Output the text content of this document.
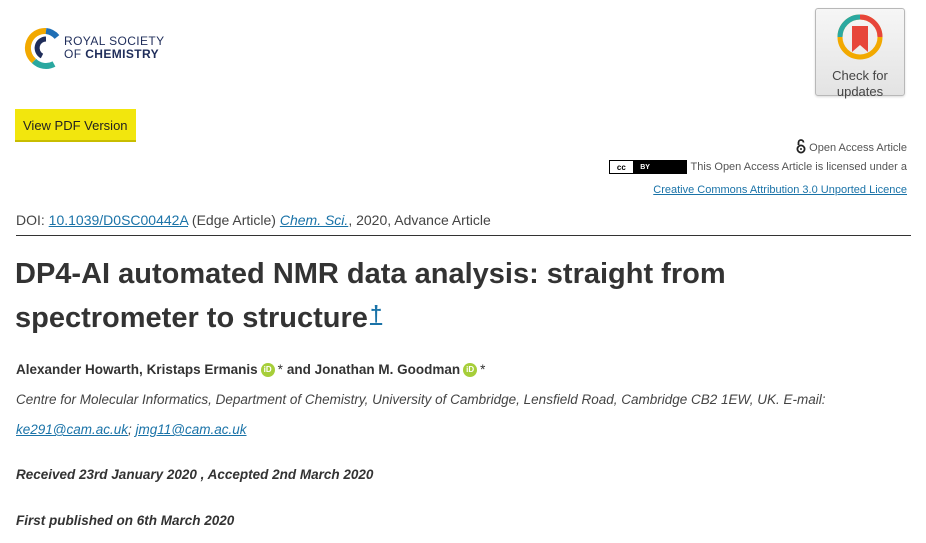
ROYAL SOCIETY
OF CHEMISTRY
Check for
updates
View PDF Version
Open Access Article
cc	BY	This Open Access Article is licensed under a
Creative Commons Attribution 3.0 Unported Licence
DOI: 10.1039/D0SC00442A (Edge Article) Chem. Sci., 2020, Advance Article
DP4-AI automated NMR data analysis: straight from spectrometer to structure†
Alexander Howarth ,
Kristaps Ermanis iD * and
Jonathan M. Goodman iD *
Centre for Molecular Informatics, Department of Chemistry, University of Cambridge, Lensfield Road, Cambridge CB2 1EW, UK. E-mail:
ke291@cam.ac.uk; jmg11@cam.ac.uk
Received 23rd January 2020 , Accepted 2nd March 2020
First published on 6th March 2020
